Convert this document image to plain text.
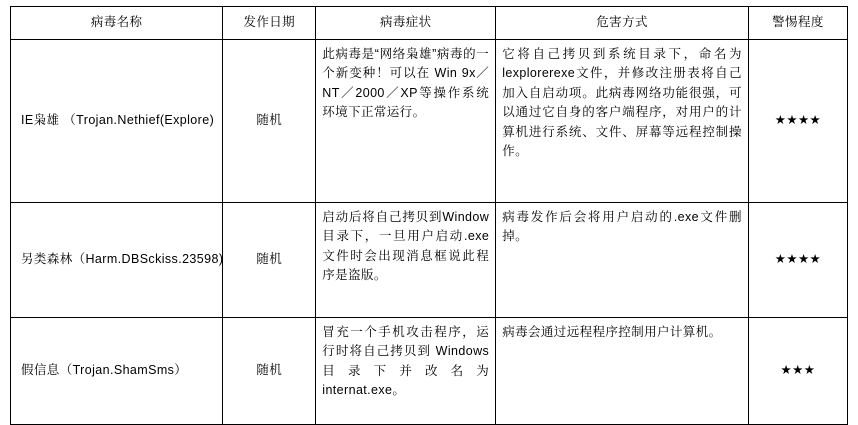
病毒名称	发作日期	病毒症状	危害方式	警惕程度
IE枭雄 （Trojan.Nethief(Explore)	随机	此病毒是“网络枭雄”病毒的一个新变种！可以在 Win 9x／NT／2000／XP等操作系统环境下正常运行。	它将自己拷贝到系统目录下，命名为 lexplorerexe文件，并修改注册表将自己加入自启动项。此病毒网络功能很强，可以通过它自身的客户端程序，对用户的计算机进行系统、文件、屏幕等远程控制操作。	★★★★
另类森林（Harm.DBSckiss.23598)	随机	启动后将自己拷贝到Window目录下，一旦用户启动.exe文件时会出现消息框说此程序是盗版。	病毒发作后会将用户启动的.exe文件删掉。	★★★★
假信息（Trojan.ShamSms）	随机	冒充一个手机攻击程序，运行时将自己拷贝到 Windows目录下并改名为 internat.exe。	病毒会通过远程程序控制用户计算机。	★★★
